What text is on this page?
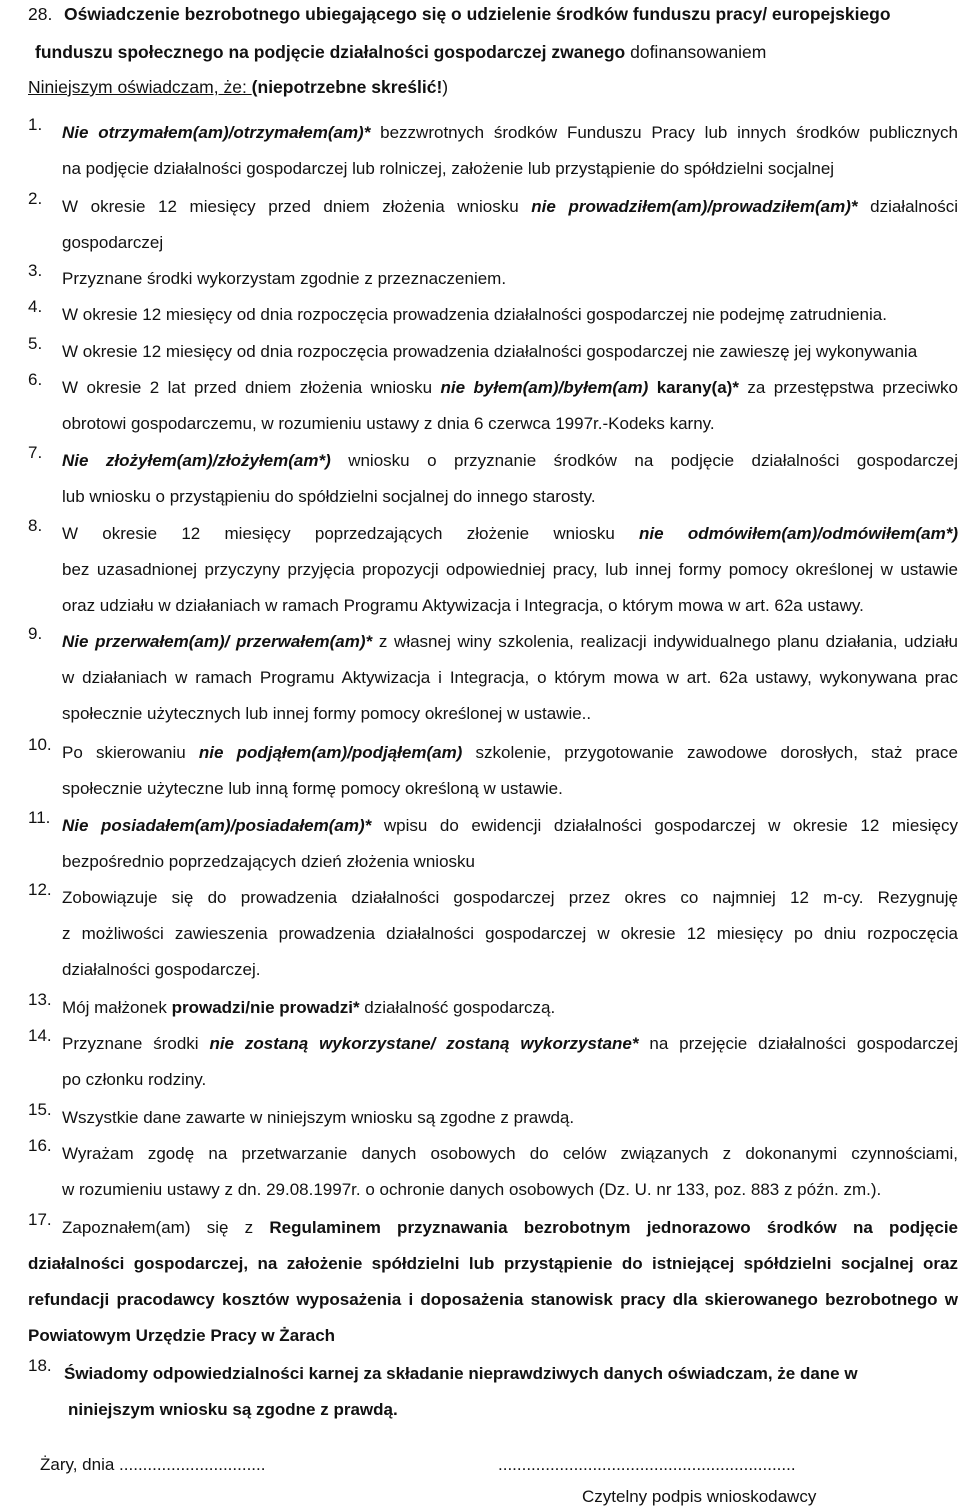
28. Oświadczenie bezrobotnego ubiegającego się o udzielenie środków funduszu pracy/ europejskiego
funduszu społecznego na podjęcie działalności gospodarczej zwanego dofinansowaniem
Niniejszym oświadczam, że: (niepotrzebne skreślić!)
1.	Nie otrzymałem(am)/otrzymałem(am)* bezzwrotnych środków Funduszu Pracy lub innych środków publicznych
na podjęcie działalności gospodarczej lub rolniczej, założenie lub przystąpienie do spółdzielni socjalnej
2.	W okresie 12 miesięcy przed dniem złożenia wniosku nie prowadziłem(am)/prowadziłem(am)* działalności
gospodarczej
3.	Przyznane środki wykorzystam zgodnie z przeznaczeniem.
4.	W okresie 12 miesięcy od dnia rozpoczęcia prowadzenia działalności gospodarczej nie podejmę zatrudnienia.
5.	W okresie 12 miesięcy od dnia rozpoczęcia prowadzenia działalności gospodarczej nie zawieszę jej wykonywania
6.	W okresie 2 lat przed dniem złożenia wniosku nie byłem(am)/byłem(am) karany(a)* za przestępstwa przeciwko
obrotowi gospodarczemu, w rozumieniu ustawy z dnia 6 czerwca 1997r.-Kodeks karny.
7.	Nie złożyłem(am)/złożyłem(am*) wniosku o przyznanie środków na podjęcie działalności gospodarczej
lub wniosku o przystąpieniu do spółdzielni socjalnej do innego starosty.
8.	W okresie 12 miesięcy poprzedzających złożenie wniosku nie odmówiłem(am)/odmówiłem(am*)
bez uzasadnionej przyczyny przyjęcia propozycji odpowiedniej pracy, lub innej formy pomocy określonej w ustawie
oraz udziału w działaniach w ramach Programu Aktywizacja i Integracja, o którym mowa w art. 62a ustawy.
9.	Nie przerwałem(am)/ przerwałem(am)* z własnej winy szkolenia, realizacji indywidualnego planu działania, udziału
w działaniach w ramach Programu Aktywizacja i Integracja, o którym mowa w art. 62a ustawy, wykonywana prac
społecznie użytecznych lub innej formy pomocy określonej w ustawie..
10. Po skierowaniu nie podjąłem(am)/podjąłem(am) szkolenie, przygotowanie zawodowe dorosłych, staż prace
społecznie użyteczne lub inną formę pomocy określoną w ustawie.
11. Nie posiadałem(am)/posiadałem(am)* wpisu do ewidencji działalności gospodarczej w okresie 12 miesięcy
bezpośrednio poprzedzających dzień złożenia wniosku
12. Zobowiązuje się do prowadzenia działalności gospodarczej przez okres co najmniej 12 m-cy. Rezygnuję
z możliwości zawieszenia prowadzenia działalności gospodarczej w okresie 12 miesięcy po dniu rozpoczęcia
działalności gospodarczej.
13. Mój małżonek prowadzi/nie prowadzi* działalność gospodarczą.
14. Przyznane środki nie zostaną wykorzystane/ zostaną wykorzystane* na przejęcie działalności gospodarczej
po członku rodziny.
15. Wszystkie dane zawarte w niniejszym wniosku są zgodne z prawdą.
16. Wyrażam zgodę na przetwarzanie danych osobowych do celów związanych z dokonanymi czynnościami,
w rozumieniu ustawy z dn. 29.08.1997r. o ochronie danych osobowych (Dz. U. nr 133, poz. 883 z późn. zm.).
17. Zapoznałem(am) się z Regulaminem przyznawania bezrobotnym jednorazowo środków na podjęcie
działalności gospodarczej, na założenie spółdzielni lub przystąpienie do istniejącej spółdzielni socjalnej oraz
refundacji pracodawcy kosztów wyposażenia i doposażenia stanowisk pracy dla skierowanego bezrobotnego w
Powiatowym Urzędzie Pracy w Żarach
18. Świadomy odpowiedzialności karnej za składanie nieprawdziwych danych oświadczam, że dane w
niniejszym wniosku są zgodne z prawdą.
Żary, dnia ...............................	...............................................................
Czytelny podpis wnioskodawcy
